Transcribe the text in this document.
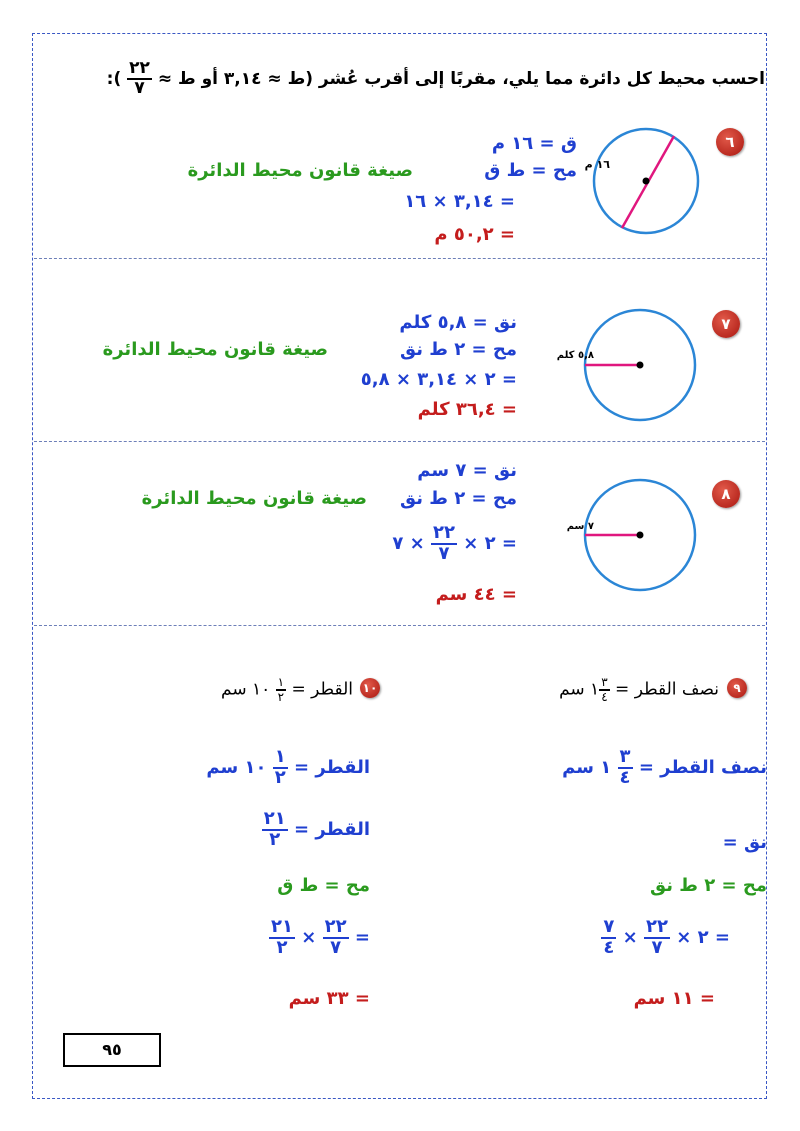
احسب محيط كل دائرة مما يلي، مقربًا إلى أقرب عُشر (ط ≈ ٣,١٤ أو ط ≈
$\frac{٢٢}{٧}$
):
٦
١٦ م
ق = ١٦ م
مح = ط ق
صيغة قانون محيط الدائرة
= ٣,١٤ × ١٦
= ٥٠,٢ م
٧
٥,٨ كلم
نق = ٥,٨ كلم
مح = ٢ ط نق
صيغة قانون محيط الدائرة
= ٢ × ٣,١٤ × ٥,٨
= ٣٦,٤ كلم
٨
٧ سم
نق = ٧ سم
مح = ٢ ط نق
صيغة قانون محيط الدائرة
= ٢ ×
$\frac{٢٢}{٧}$
× ٧
= ٤٤ سم
٩
نصف القطر =
$\frac{٣}{٤}$
١ سم
١٠
القطر =
$\frac{١}{٢}$
١٠ سم
نصف القطر =
$\frac{٣}{٤}$
١ سم
نق =
مح = ٢ ط نق
= ٢ ×
$\frac{٢٢}{٧}$
×
$\frac{٧}{٤}$
= ١١ سم
القطر =
$\frac{١}{٢}$
١٠ سم
القطر =
$\frac{٢١}{٢}$
مح = ط ق
=
$\frac{٢٢}{٧}$
×
$\frac{٢١}{٢}$
= ٣٣ سم
٩٥
